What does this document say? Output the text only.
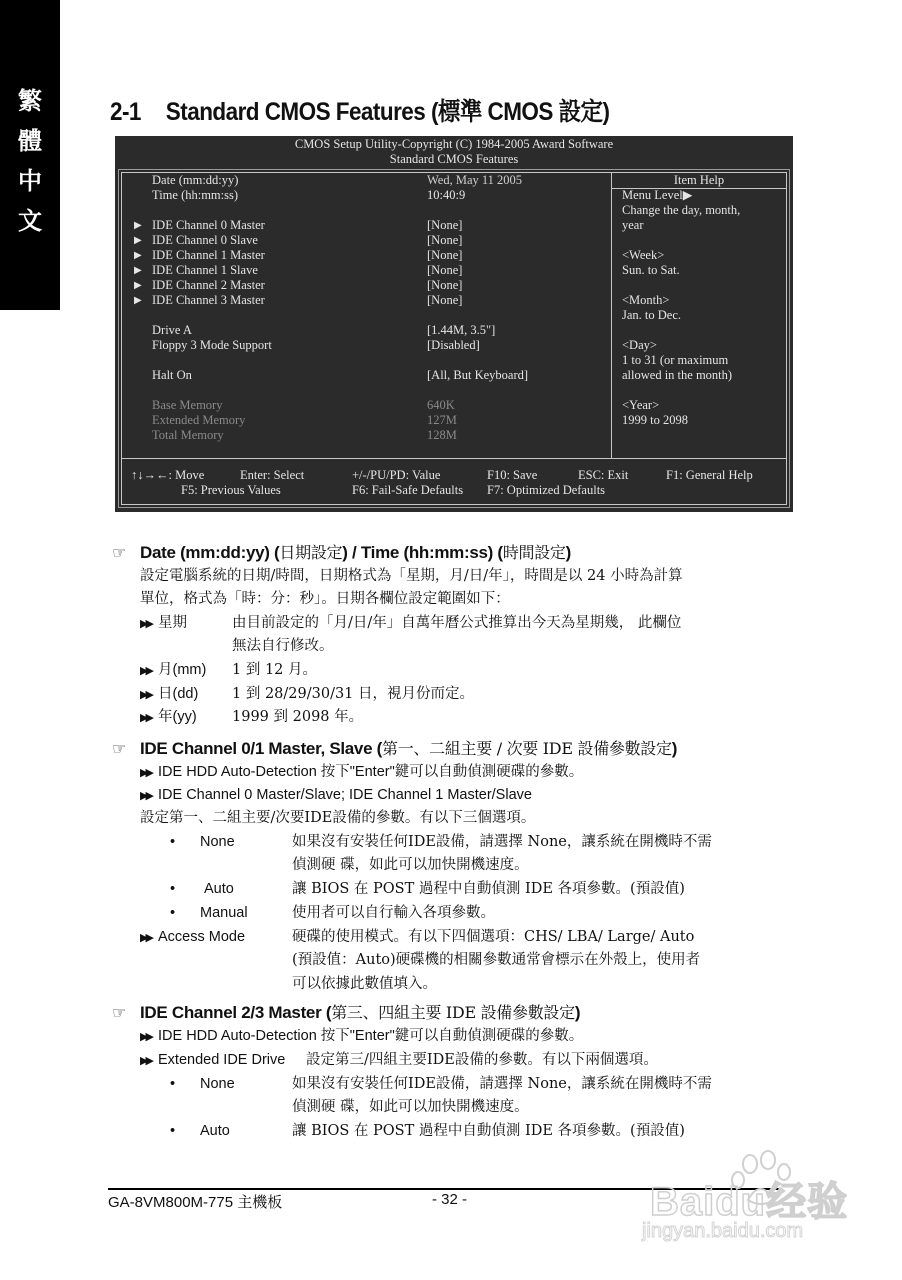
繁
體
中
文
2-1 Standard CMOS Features (標準 CMOS 設定)
CMOS Setup Utility-Copyright (C) 1984-2005 Award Software
Standard CMOS Features
Date (mm:dd:yy)	Wed, May 11 2005
Time (hh:mm:ss)	10:40:9
▶ IDE Channel 0 Master	[None]
▶ IDE Channel 0 Slave	[None]
▶ IDE Channel 1 Master	[None]
▶ IDE Channel 1 Slave	[None]
▶ IDE Channel 2 Master	[None]
▶ IDE Channel 3 Master	[None]
Drive A	[1.44M, 3.5"]
Floppy 3 Mode Support	[Disabled]
Halt On	[All, But Keyboard]
Base Memory	640K
Extended Memory	127M
Total Memory	128M
Item Help
Menu Level▶
Change the day, month,
year
<Week>
Sun. to Sat.
<Month>
Jan. to Dec.
<Day>
1 to 31 (or maximum
allowed in the month)
<Year>
1999 to 2098
↑↓→←: Move	Enter: Select	+/-/PU/PD: Value	F10: Save	ESC: Exit	F1: General Help
F5: Previous Values	F6: Fail-Safe Defaults F7: Optimized Defaults
☞ Date (mm:dd:yy) (日期設定) / Time (hh:mm:ss) (時間設定)

設定電腦系統的日期/時間，日期格式為「星期，月/日/年」，時間是以 24 小時為計算

單位，格式為「時：分：秒」。日期各欄位設定範圍如下：

▶▶ 星期	由目前設定的「月/日/年」自萬年曆公式推算出今天為星期幾， 此欄位

無法自行修改。

▶▶ 月(mm) 1 到 12 月。
▶▶ 日(dd) 1 到 28/29/30/31 日，視月份而定。
▶▶ 年(yy) 1999 到 2098 年。
☞ IDE Channel 0/1 Master, Slave (第一、二組主要 / 次要 IDE 設備參數設定)
▶▶ IDE HDD Auto-Detection 按下"Enter"鍵可以自動偵測硬碟的參數。
▶▶ IDE Channel 0 Master/Slave; IDE Channel 1 Master/Slave

設定第一、二組主要/次要IDE設備的參數。有以下三個選項。

• None	如果沒有安裝任何IDE設備，請選擇 None，讓系統在開機時不需

偵測硬 碟，如此可以加快開機速度。

• Auto	讓 BIOS 在 POST 過程中自動偵測 IDE 各項參數。(預設值)
• Manual	使用者可以自行輸入各項參數。
▶▶ Access Mode	硬碟的使用模式。有以下四個選項：CHS/ LBA/ Large/ Auto

(預設值：Auto)硬碟機的相關參數通常會標示在外殼上，使用者

可以依據此數值填入。

☞ IDE Channel 2/3 Master (第三、四組主要 IDE 設備參數設定)
▶▶ IDE HDD Auto-Detection 按下"Enter"鍵可以自動偵測硬碟的參數。
▶▶ Extended IDE Drive 設定第三/四組主要IDE設備的參數。有以下兩個選項。
• None	如果沒有安裝任何IDE設備，請選擇 None，讓系統在開機時不需

偵測硬 碟，如此可以加快開機速度。

• Auto	讓 BIOS 在 POST 過程中自動偵測 IDE 各項參數。(預設值)
GA-8VM800M-775 主機板	- 32 -	Baidu经验
jingyan.baidu.com
